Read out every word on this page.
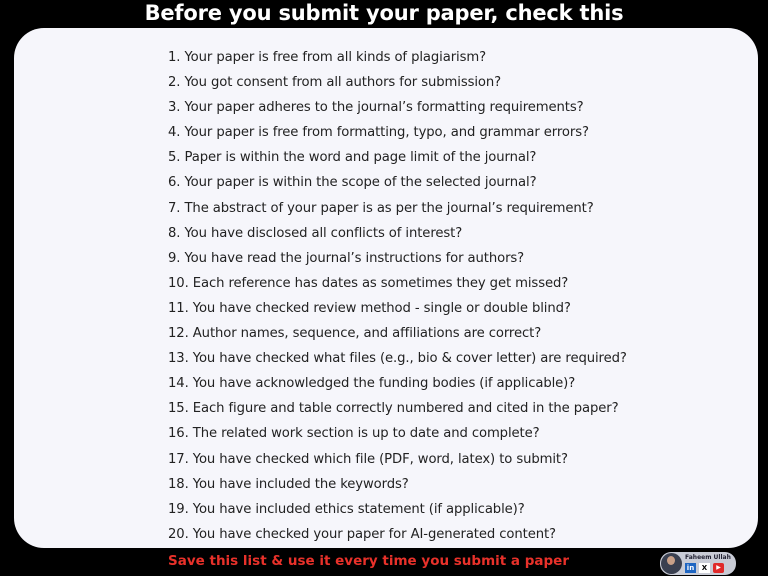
Before you submit your paper, check this
1. Your paper is free from all kinds of plagiarism?
2. You got consent from all authors for submission?
3. Your paper adheres to the journal’s formatting requirements?
4. Your paper is free from formatting, typo, and grammar errors?
5. Paper is within the word and page limit of the journal?
6. Your paper is within the scope of the selected journal?
7. The abstract of your paper is as per the journal’s requirement?
8. You have disclosed all conflicts of interest?
9. You have read the journal’s instructions for authors?
10. Each reference has dates as sometimes they get missed?
11. You have checked review method - single or double blind?
12. Author names, sequence, and affiliations are correct?
13. You have checked what files (e.g., bio & cover letter) are required?
14. You have acknowledged the funding bodies (if applicable)?
15. Each figure and table correctly numbered and cited in the paper?
16. The related work section is up to date and complete?
17. You have checked which file (PDF, word, latex) to submit?
18. You have included the keywords?
19. You have included ethics statement (if applicable)?
20. You have checked your paper for AI-generated content?
Save this list & use it every time you submit a paper	Faheem Ullah
in	X	▶
